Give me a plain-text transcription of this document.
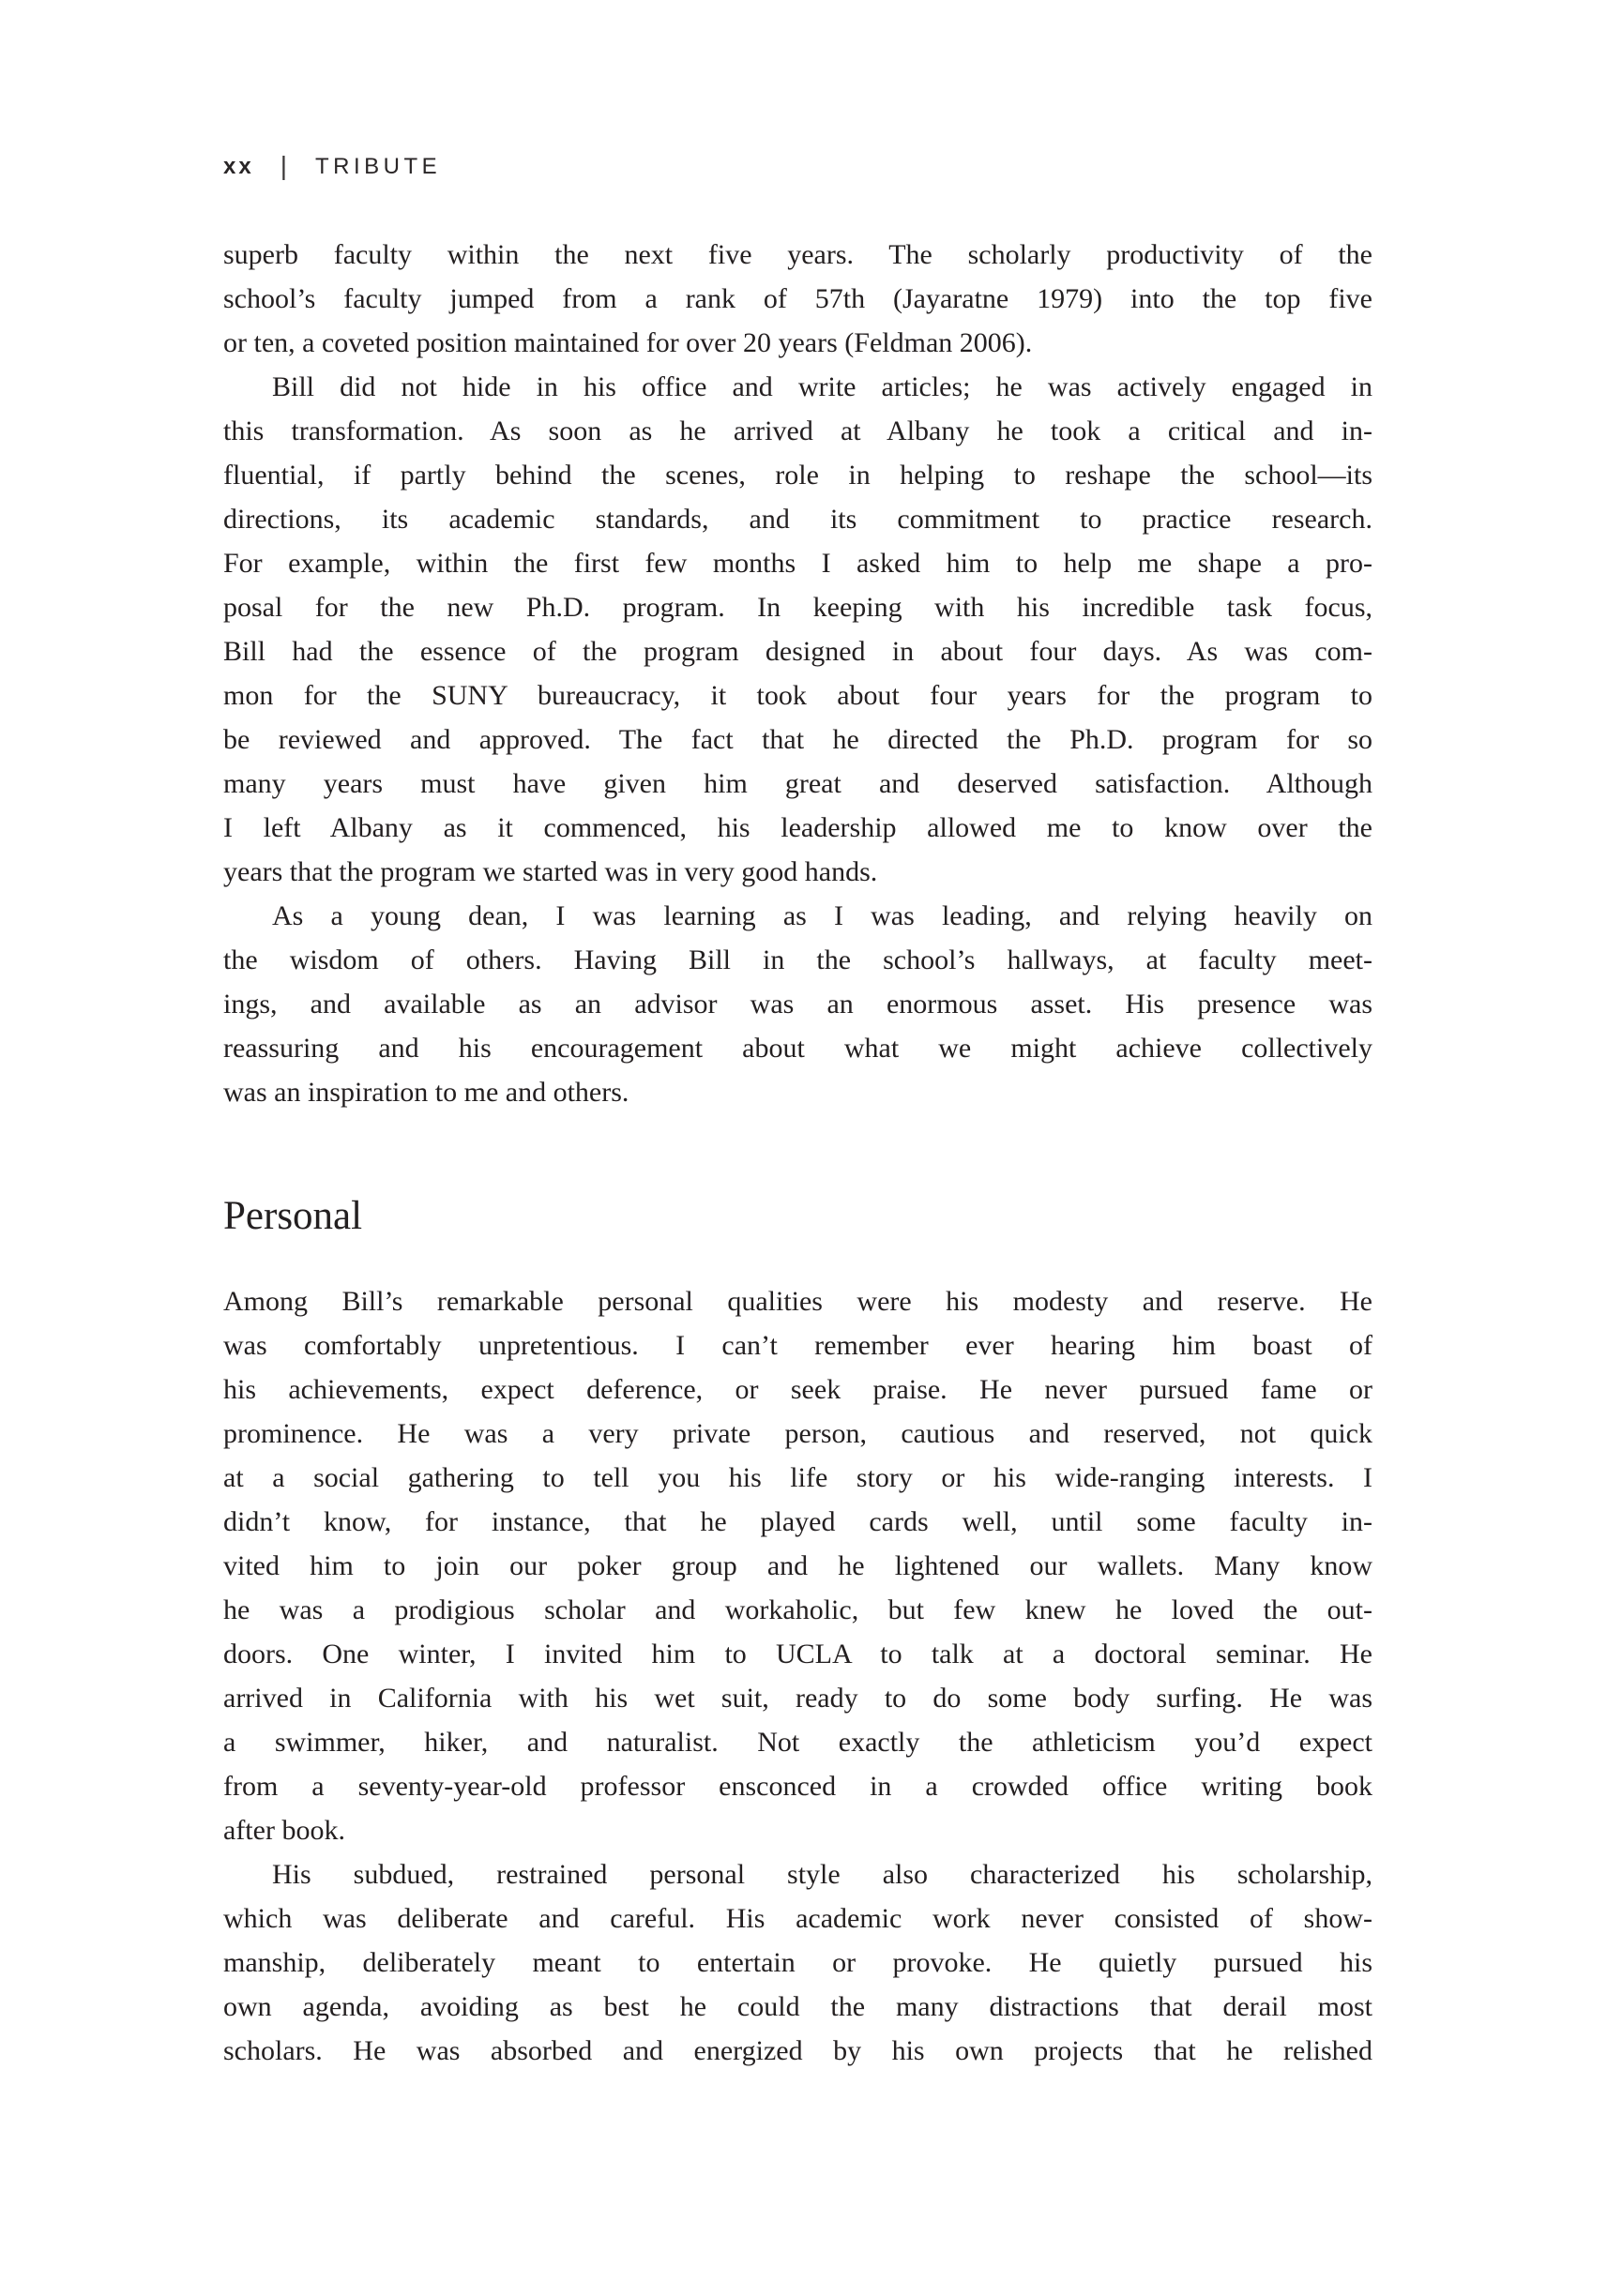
xx | TRIBUTE
superb faculty within the next five years. The scholarly productivity of the
school’s faculty jumped from a rank of 57th (Jayaratne 1979) into the top five
or ten, a coveted position maintained for over 20 years (Feldman 2006).
Bill did not hide in his office and write articles; he was actively engaged in
this transformation. As soon as he arrived at Albany he took a critical and in-
fluential, if partly behind the scenes, role in helping to reshape the school—its
directions, its academic standards, and its commitment to practice research.
For example, within the first few months I asked him to help me shape a pro-
posal for the new Ph.D. program. In keeping with his incredible task focus,
Bill had the essence of the program designed in about four days. As was com-
mon for the SUNY bureaucracy, it took about four years for the program to
be reviewed and approved. The fact that he directed the Ph.D. program for so
many years must have given him great and deserved satisfaction. Although
I left Albany as it commenced, his leadership allowed me to know over the
years that the program we started was in very good hands.
As a young dean, I was learning as I was leading, and relying heavily on
the wisdom of others. Having Bill in the school’s hallways, at faculty meet-
ings, and available as an advisor was an enormous asset. His presence was
reassuring and his encouragement about what we might achieve collectively
was an inspiration to me and others.
Personal
Among Bill’s remarkable personal qualities were his modesty and reserve. He
was comfortably unpretentious. I can’t remember ever hearing him boast of
his achievements, expect deference, or seek praise. He never pursued fame or
prominence. He was a very private person, cautious and reserved, not quick
at a social gathering to tell you his life story or his wide-ranging interests. I
didn’t know, for instance, that he played cards well, until some faculty in-
vited him to join our poker group and he lightened our wallets. Many know
he was a prodigious scholar and workaholic, but few knew he loved the out-
doors. One winter, I invited him to UCLA to talk at a doctoral seminar. He
arrived in California with his wet suit, ready to do some body surfing. He was
a swimmer, hiker, and naturalist. Not exactly the athleticism you’d expect
from a seventy-year-old professor ensconced in a crowded office writing book
after book.
His subdued, restrained personal style also characterized his scholarship,
which was deliberate and careful. His academic work never consisted of show-
manship, deliberately meant to entertain or provoke. He quietly pursued his
own agenda, avoiding as best he could the many distractions that derail most
scholars. He was absorbed and energized by his own projects that he relished
